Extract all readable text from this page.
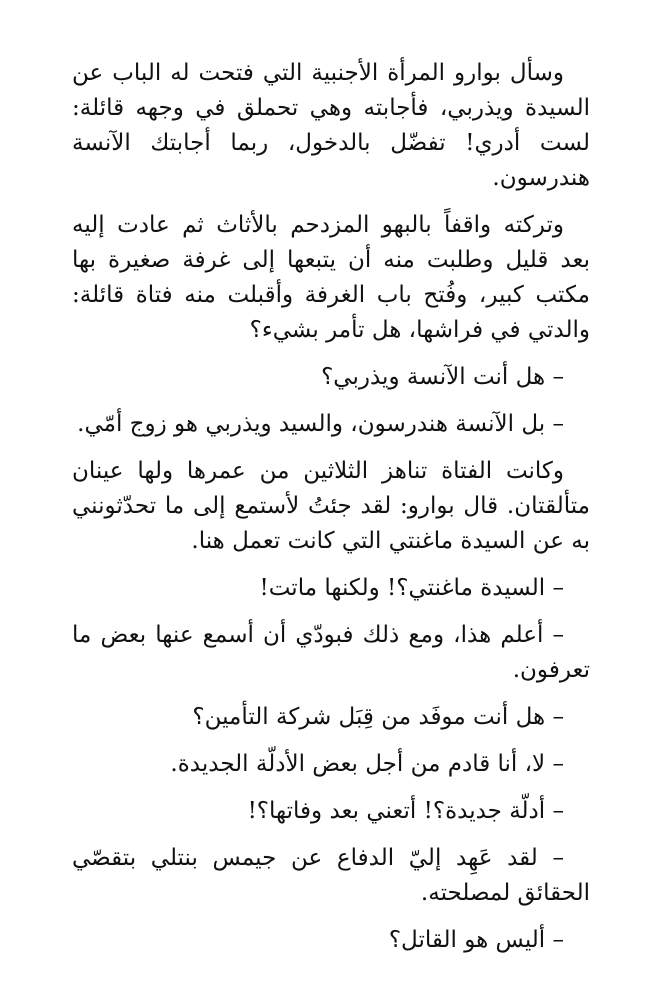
وسأل بوارو المرأة الأجنبية التي فتحت له الباب عن السيدة ويذربي، فأجابته وهي تحملق في وجهه قائلة: لست أدري! تفضّل بالدخول، ربما أجابتك الآنسة هندرسون.

وتركته واقفاً بالبهو المزدحم بالأثاث ثم عادت إليه بعد قليل وطلبت منه أن يتبعها إلى غرفة صغيرة بها مكتب كبير، وفُتح باب الغرفة وأقبلت منه فتاة قائلة: والدتي في فراشها، هل تأمر بشيء؟

– هل أنت الآنسة ويذربي؟

– بل الآنسة هندرسون، والسيد ويذربي هو زوج أمّي.

وكانت الفتاة تناهز الثلاثين من عمرها ولها عينان متألقتان. قال بوارو: لقد جئتُ لأستمع إلى ما تحدّثونني به عن السيدة ماغنتي التي كانت تعمل هنا.

– السيدة ماغنتي؟! ولكنها ماتت!

– أعلم هذا، ومع ذلك فبودّي أن أسمع عنها بعض ما تعرفون.

– هل أنت موفَد من قِبَل شركة التأمين؟

– لا، أنا قادم من أجل بعض الأدلّة الجديدة.

– أدلّة جديدة؟! أتعني بعد وفاتها؟!

– لقد عَهِد إليّ الدفاع عن جيمس بنتلي بتقصّي الحقائق لمصلحته.

– أليس هو القاتل؟
